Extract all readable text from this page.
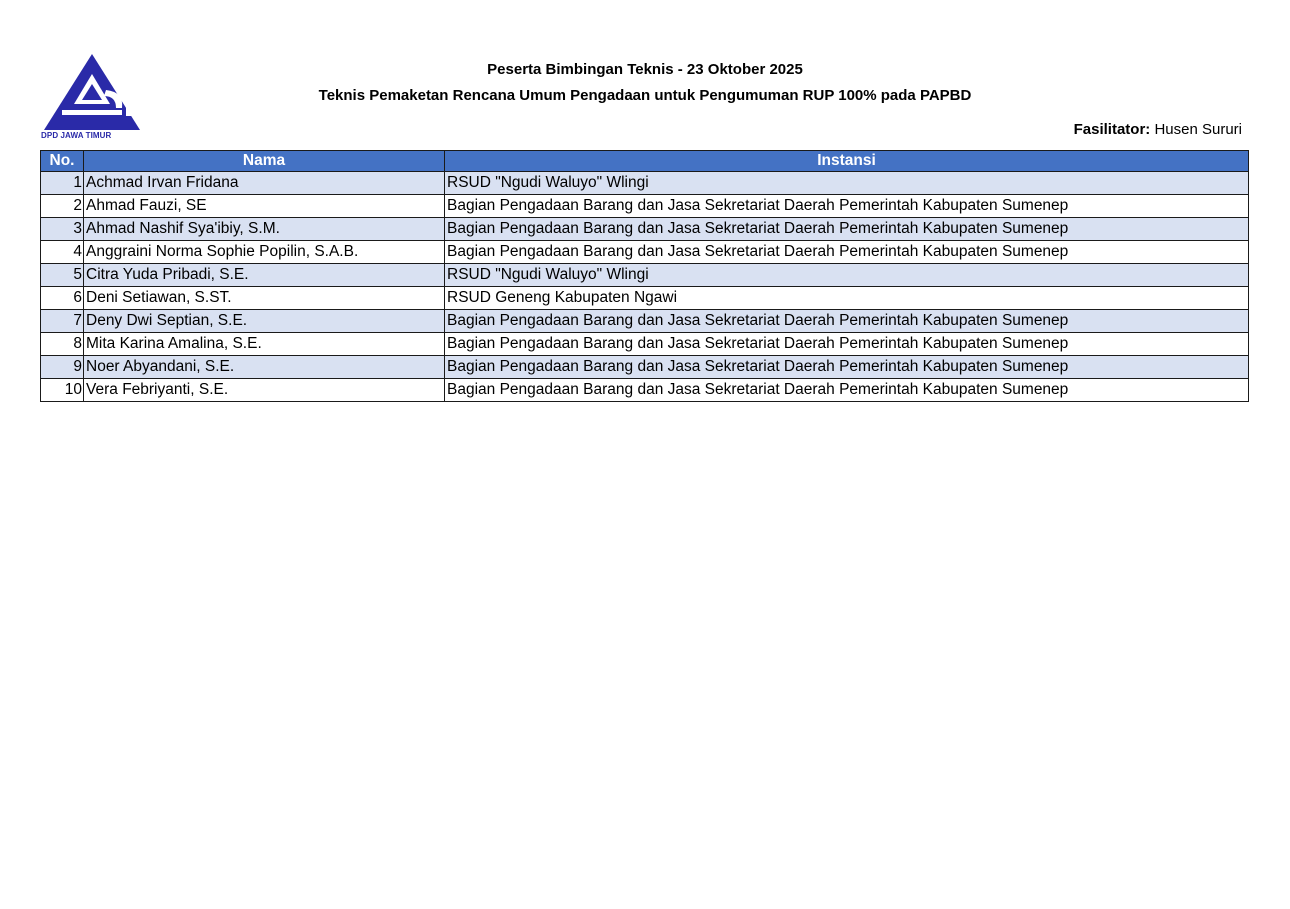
DPD JAWA TIMUR
Peserta Bimbingan Teknis - 23 Oktober 2025
Teknis Pemaketan Rencana Umum Pengadaan untuk Pengumuman RUP 100% pada PAPBD
Fasilitator: Husen Sururi
No.	Nama	Instansi
1	Achmad Irvan Fridana	RSUD "Ngudi Waluyo" Wlingi
2	Ahmad Fauzi, SE	Bagian Pengadaan Barang dan Jasa Sekretariat Daerah Pemerintah Kabupaten Sumenep
3	Ahmad Nashif Sya'ibiy, S.M.	Bagian Pengadaan Barang dan Jasa Sekretariat Daerah Pemerintah Kabupaten Sumenep
4	Anggraini Norma Sophie Popilin, S.A.B.	Bagian Pengadaan Barang dan Jasa Sekretariat Daerah Pemerintah Kabupaten Sumenep
5	Citra Yuda Pribadi, S.E.	RSUD "Ngudi Waluyo" Wlingi
6	Deni Setiawan, S.ST.	RSUD Geneng Kabupaten Ngawi
7	Deny Dwi Septian, S.E.	Bagian Pengadaan Barang dan Jasa Sekretariat Daerah Pemerintah Kabupaten Sumenep
8	Mita Karina Amalina, S.E.	Bagian Pengadaan Barang dan Jasa Sekretariat Daerah Pemerintah Kabupaten Sumenep
9	Noer Abyandani, S.E.	Bagian Pengadaan Barang dan Jasa Sekretariat Daerah Pemerintah Kabupaten Sumenep
10	Vera Febriyanti, S.E.	Bagian Pengadaan Barang dan Jasa Sekretariat Daerah Pemerintah Kabupaten Sumenep
